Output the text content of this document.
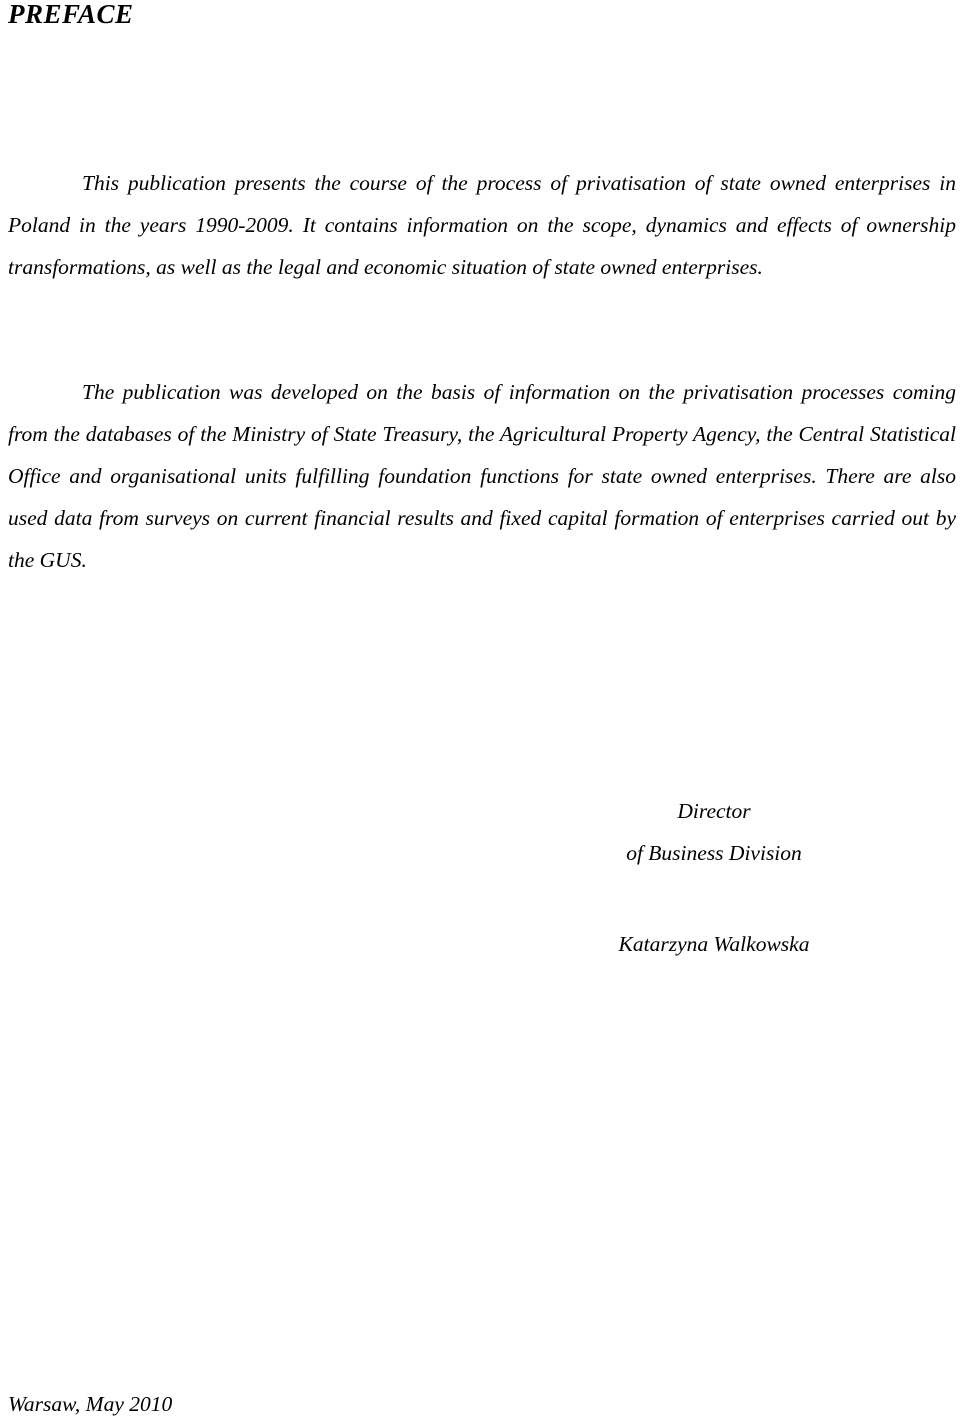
PREFACE

This publication presents the course of the process of privatisation of state owned enterprises in Poland in the years 1990-2009. It contains information on the scope, dynamics and effects of ownership transformations, as well as the legal and economic situation of state owned enterprises.

The publication was developed on the basis of information on the privatisation processes coming from the databases of the Ministry of State Treasury, the Agricultural Property Agency, the Central Statistical Office and organisational units fulfilling foundation functions for state owned enterprises. There are also used data from surveys on current financial results and fixed capital formation of enterprises carried out by the GUS.

Director

of Business Division

Katarzyna Walkowska

Warsaw, May 2010
